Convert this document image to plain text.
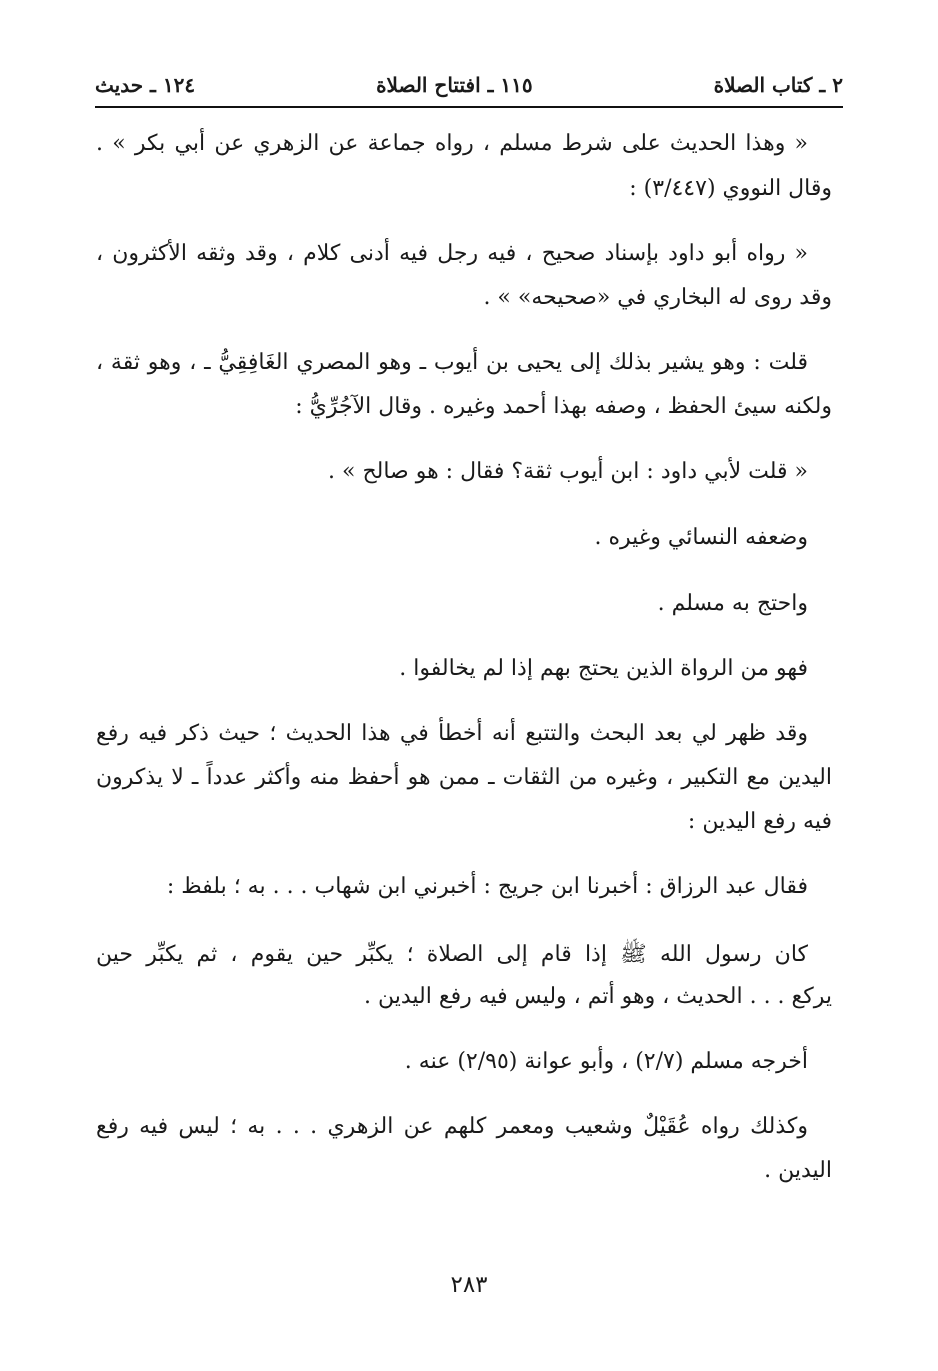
٢ ـ كتاب الصلاة
١١٥ ـ افتتاح الصلاة
١٢٤ ـ حديث
« وهذا الحديث على شرط مسلم ، رواه جماعة عن الزهري عن أبي بكر » .
وقال النووي (٣/٤٤٧) :
« رواه أبو داود بإسناد صحيح ، فيه رجل فيه أدنى كلام ، وقد وثقه الأكثرون ،
وقد روى له البخاري في «صحيحه» » .
قلت : وهو يشير بذلك إلى يحيى بن أيوب ـ وهو المصري الغَافِقِيُّ ـ ، وهو ثقة ،
ولكنه سيئ الحفظ ، وصفه بهذا أحمد وغيره . وقال الآجُرِّيُّ :
« قلت لأبي داود : ابن أيوب ثقة؟ فقال : هو صالح » .
وضعفه النسائي وغيره .
واحتج به مسلم .
فهو من الرواة الذين يحتج بهم إذا لم يخالفوا .
وقد ظهر لي بعد البحث والتتبع أنه أخطأ في هذا الحديث ؛ حيث ذكر فيه رفع
اليدين مع التكبير ، وغيره من الثقات ـ ممن هو أحفظ منه وأكثر عدداً ـ لا يذكرون
فيه رفع اليدين :
فقال عبد الرزاق : أخبرنا ابن جريج : أخبرني ابن شهاب . . . به ؛ بلفظ :
كان رسول الله ﷺ إذا قام إلى الصلاة ؛ يكبِّر حين يقوم ، ثم يكبِّر حين
يركع . . . الحديث ، وهو أتم ، وليس فيه رفع اليدين .
أخرجه مسلم (٢/٧) ، وأبو عوانة (٢/٩٥) عنه .
وكذلك رواه عُقَيْلٌ وشعيب ومعمر كلهم عن الزهري . . . به ؛ ليس فيه رفع
اليدين .
٢٨٣
